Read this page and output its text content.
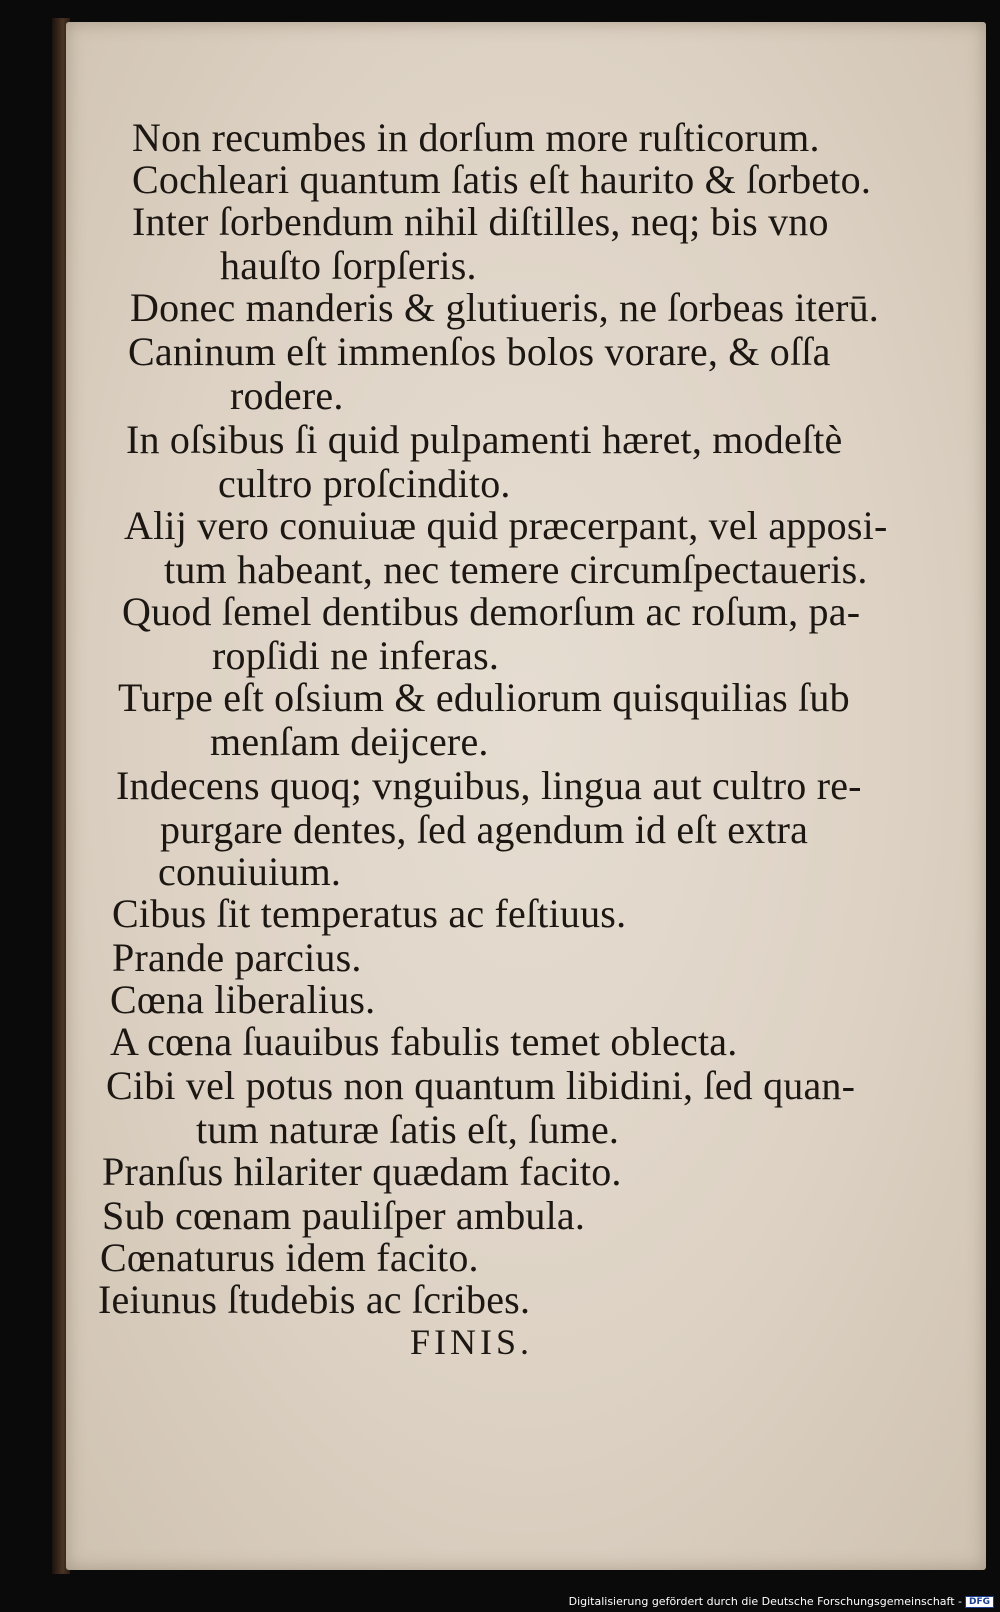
Non recumbes in dorſum more ruſticorum.
Cochleari quantum ſatis eſt haurito & ſorbeto.
Inter ſorbendum nihil diſtilles, neq; bis vno
hauſto ſorpſeris.
Donec manderis & glutiueris, ne ſorbeas iterū.
Caninum eſt immenſos bolos vorare, & oſſa
rodere.
In oſsibus ſi quid pulpamenti hæret, modeſtè
cultro proſcindito.
Alij vero conuiuæ quid præcerpant, vel apposi-
tum habeant, nec temere circumſpectaueris.
Quod ſemel dentibus demorſum ac roſum, pa-
ropſidi ne inferas.
Turpe eſt oſsium & eduliorum quisquilias ſub
menſam deijcere.
Indecens quoq; vnguibus, lingua aut cultro re-
purgare dentes, ſed agendum id eſt extra
conuiuium.
Cibus ſit temperatus ac feſtiuus.
Prande parcius.
Cœna liberalius.
A cœna ſuauibus fabulis temet oblecta.
Cibi vel potus non quantum libidini, ſed quan-
tum naturæ ſatis eſt, ſume.
Pranſus hilariter quædam facito.
Sub cœnam pauliſper ambula.
Cœnaturus idem facito.
Ieiunus ſtudebis ac ſcribes.
FINIS.
Digitalisierung gefördert durch die Deutsche Forschungsgemeinschaft - DFG
